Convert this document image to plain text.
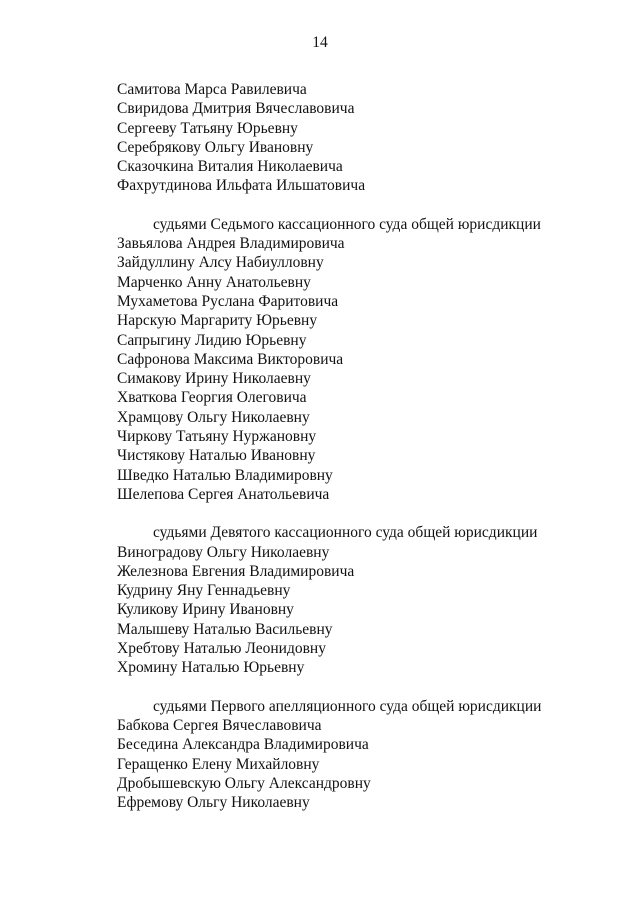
14
Самитова Марса Равилевича
Свиридова Дмитрия Вячеславовича
Сергееву Татьяну Юрьевну
Серебрякову Ольгу Ивановну
Сказочкина Виталия Николаевича
Фахрутдинова Ильфата Ильшатовича
судьями Седьмого кассационного суда общей юрисдикции
Завьялова Андрея Владимировича
Зайдуллину Алсу Набиулловну
Марченко Анну Анатольевну
Мухаметова Руслана Фаритовича
Нарскую Маргариту Юрьевну
Сапрыгину Лидию Юрьевну
Сафронова Максима Викторовича
Симакову Ирину Николаевну
Хваткова Георгия Олеговича
Храмцову Ольгу Николаевну
Чиркову Татьяну Нуржановну
Чистякову Наталью Ивановну
Шведко Наталью Владимировну
Шелепова Сергея Анатольевича
судьями Девятого кассационного суда общей юрисдикции
Виноградову Ольгу Николаевну
Железнова Евгения Владимировича
Кудрину Яну Геннадьевну
Куликову Ирину Ивановну
Малышеву Наталью Васильевну
Хребтову Наталью Леонидовну
Хромину Наталью Юрьевну
судьями Первого апелляционного суда общей юрисдикции
Бабкова Сергея Вячеславовича
Беседина Александра Владимировича
Геращенко Елену Михайловну
Дробышевскую Ольгу Александровну
Ефремову Ольгу Николаевну
